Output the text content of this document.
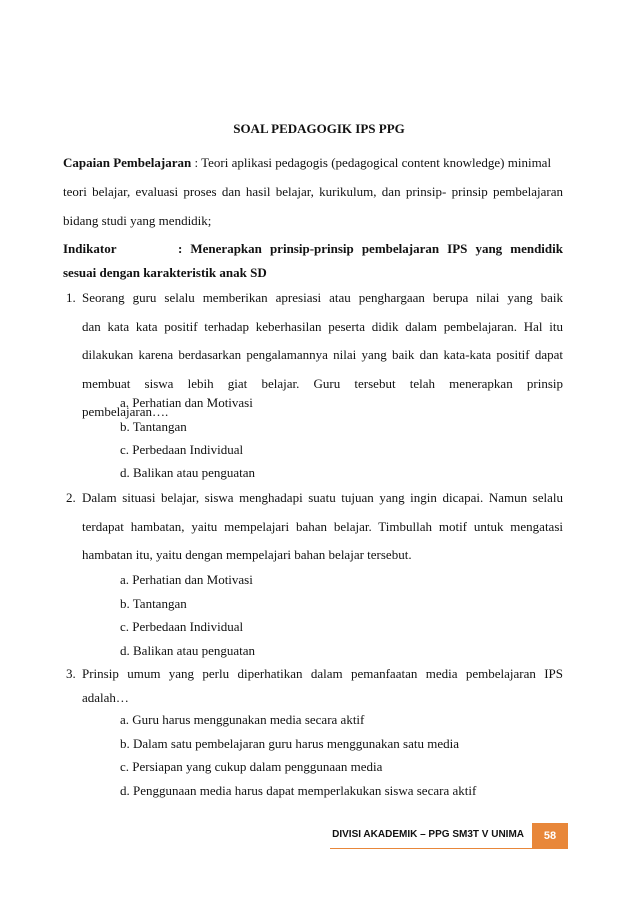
SOAL PEDAGOGIK IPS PPG
Capaian Pembelajaran : Teori aplikasi pedagogis (pedagogical content knowledge) minimal
teori belajar, evaluasi proses dan hasil belajar, kurikulum, dan prinsip- prinsip pembelajaran
bidang studi yang mendidik;
Indikator	: Menerapkan prinsip-prinsip pembelajaran IPS yang mendidik
sesuai dengan karakteristik anak SD
1. Seorang guru selalu memberikan apresiasi atau penghargaan berupa nilai yang baik
dan kata kata positif terhadap keberhasilan peserta didik dalam pembelajaran. Hal itu
dilakukan karena berdasarkan pengalamannya nilai yang baik dan kata-kata positif dapat
membuat siswa lebih giat belajar. Guru tersebut telah menerapkan prinsip
pembelajaran….
a. Perhatian dan Motivasi
b. Tantangan
c. Perbedaan Individual
d. Balikan atau penguatan
2. Dalam situasi belajar, siswa menghadapi suatu tujuan yang ingin dicapai. Namun selalu
terdapat hambatan, yaitu mempelajari bahan belajar. Timbullah motif untuk mengatasi
hambatan itu, yaitu dengan mempelajari bahan belajar tersebut.
a. Perhatian dan Motivasi
b. Tantangan
c. Perbedaan Individual
d. Balikan atau penguatan
3. Prinsip umum yang perlu diperhatikan dalam pemanfaatan media pembelajaran IPS
adalah…
a. Guru harus menggunakan media secara aktif
b. Dalam satu pembelajaran guru harus menggunakan satu media
c. Persiapan yang cukup dalam penggunaan media
d. Penggunaan media harus dapat memperlakukan siswa secara aktif
DIVISI AKADEMIK – PPG SM3T V UNIMA	58
